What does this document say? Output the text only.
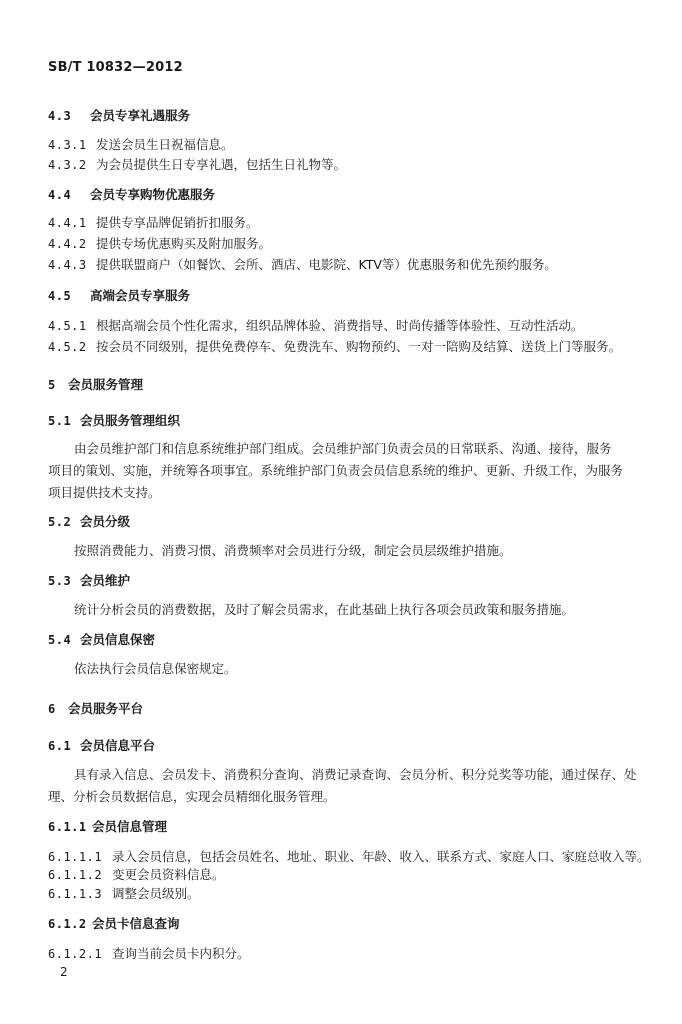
SB/T 10832—2012
4.3 会员专享礼遇服务
4.3.1 发送会员生日祝福信息。
4.3.2 为会员提供生日专享礼遇，包括生日礼物等。
4.4 会员专享购物优惠服务
4.4.1 提供专享品牌促销折扣服务。
4.4.2 提供专场优惠购买及附加服务。
4.4.3 提供联盟商户（如餐饮、会所、酒店、电影院、KTV等）优惠服务和优先预约服务。
4.5 高端会员专享服务
4.5.1 根据高端会员个性化需求，组织品牌体验、消费指导、时尚传播等体验性、互动性活动。
4.5.2 按会员不同级别，提供免费停车、免费洗车、购物预约、一对一陪购及结算、送货上门等服务。
5 会员服务管理
5.1 会员服务管理组织
由会员维护部门和信息系统维护部门组成。会员维护部门负责会员的日常联系、沟通、接待，服务
项目的策划、实施，并统筹各项事宜。系统维护部门负责会员信息系统的维护、更新、升级工作，为服务
项目提供技术支持。
5.2 会员分级
按照消费能力、消费习惯、消费频率对会员进行分级，制定会员层级维护措施。
5.3 会员维护
统计分析会员的消费数据，及时了解会员需求，在此基础上执行各项会员政策和服务措施。
5.4 会员信息保密
依法执行会员信息保密规定。
6 会员服务平台
6.1 会员信息平台
具有录入信息、会员发卡、消费积分查询、消费记录查询、会员分析、积分兑奖等功能，通过保存、处
理、分析会员数据信息，实现会员精细化服务管理。
6.1.1 会员信息管理
6.1.1.1 录入会员信息，包括会员姓名、地址、职业、年龄、收入、联系方式、家庭人口、家庭总收入等。
6.1.1.2 变更会员资料信息。
6.1.1.3 调整会员级别。
6.1.2 会员卡信息查询
6.1.2.1 查询当前会员卡内积分。
2
